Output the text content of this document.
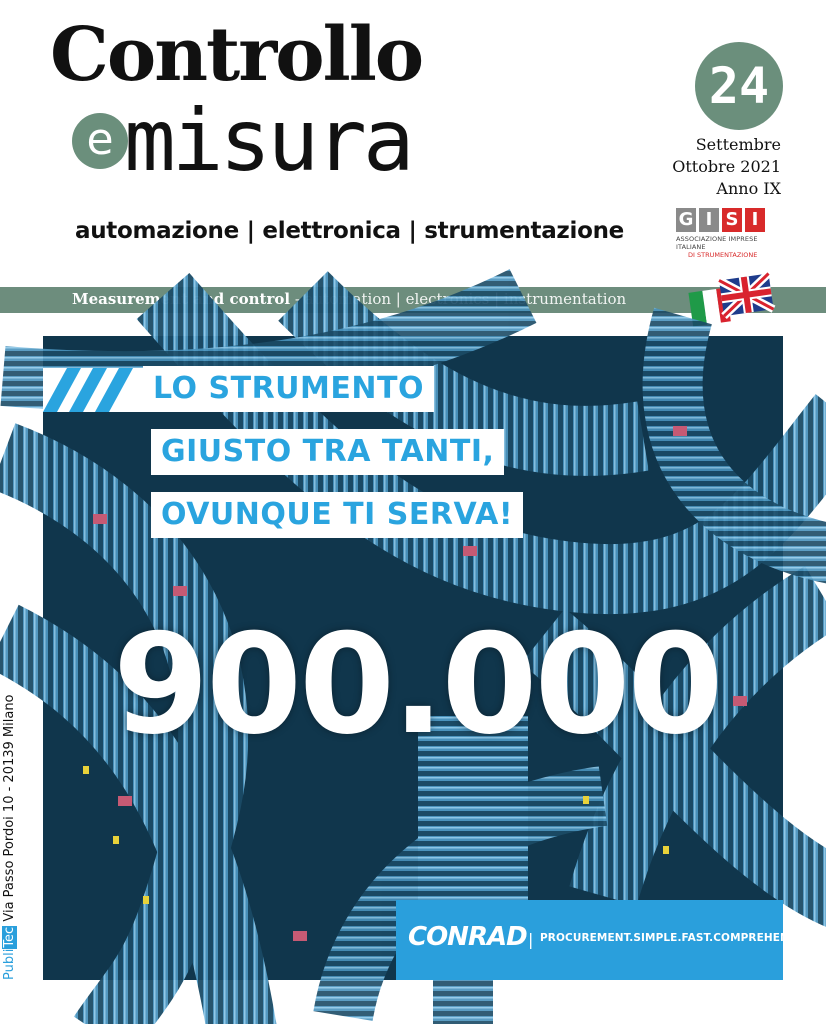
Controllo
e misura
automazione | elettronica | strumentazione
24
Settembre
Ottobre 2021
Anno IX
G I S I
ASSOCIAZIONE IMPRESE ITALIANE
DI STRUMENTAZIONE
Measurement and control - automation | electronics | instrumentation
LO STRUMENTO
GIUSTO TRA TANTI,
OVUNQUE TI SERVA!
900.000
CONRAD | PROCUREMENT.SIMPLE.FAST.COMPREHENSIVE.
PubliTec Via Passo Pordoi 10 - 20139 Milano
